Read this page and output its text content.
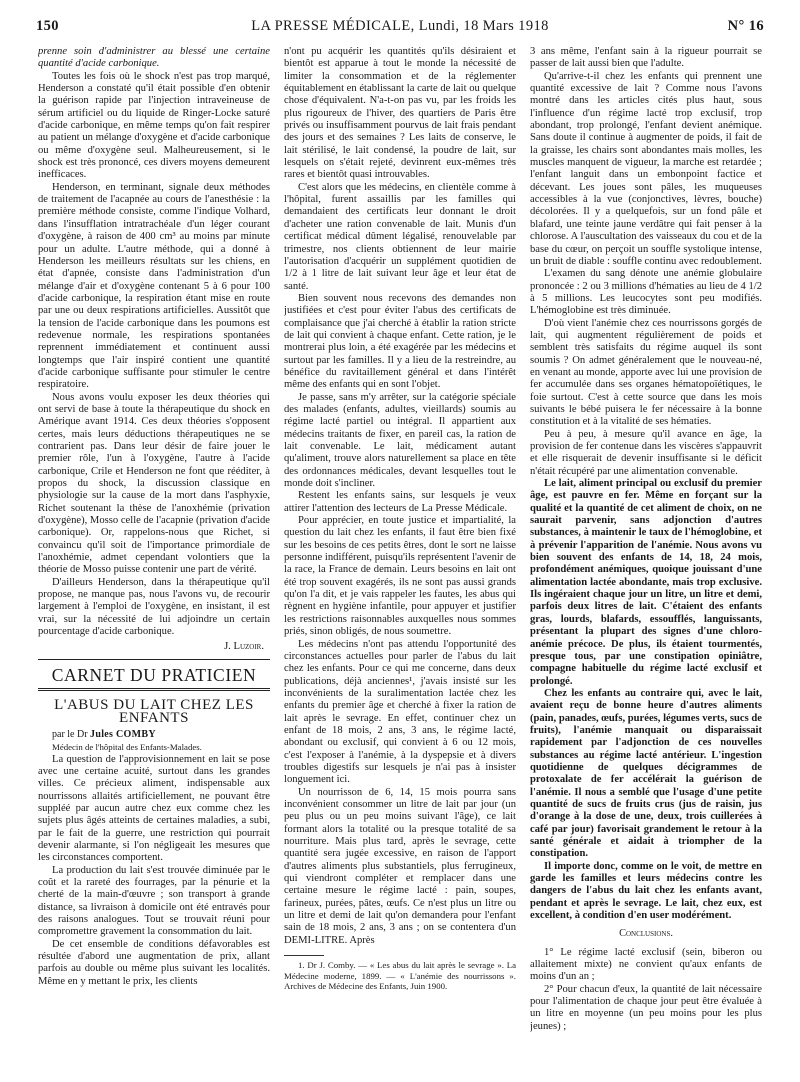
150	LA PRESSE MÉDICALE, Lundi, 18 Mars 1918	N° 16

prenne soin d'administrer au blessé une certaine quantité d'acide carbonique.

Toutes les fois où le shock n'est pas trop marqué, Henderson a constaté qu'il était possible d'en obtenir la guérison rapide par l'injection intraveineuse de sérum artificiel ou du liquide de Ringer-Locke saturé d'acide carbonique, en même temps qu'on fait respirer au patient un mélange d'oxygène et d'acide carbonique ou même d'oxygène seul. Malheureusement, si le shock est très prononcé, ces divers moyens demeurent inefficaces.

Henderson, en terminant, signale deux méthodes de traitement de l'acapnée au cours de l'anesthésie : la première méthode consiste, comme l'indique Volhard, dans l'insufflation intratrachéale d'un léger courant d'oxygène, à raison de 400 cm³ au moins par minute pour un adulte. L'autre méthode, qui a donné à Henderson les meilleurs résultats sur les chiens, en état d'apnée, consiste dans l'administration d'un mélange d'air et d'oxygène contenant 5 à 6 pour 100 d'acide carbonique, la respiration étant mise en route par une ou deux respirations artificielles. Aussitôt que la tension de l'acide carbonique dans les poumons est redevenue normale, les respirations spontanées reprennent immédiatement et continuent aussi longtemps que l'air inspiré contient une quantité d'acide carbonique suffisante pour stimuler le centre respiratoire.

Nous avons voulu exposer les deux théories qui ont servi de base à toute la thérapeutique du shock en Amérique avant 1914. Ces deux théories s'opposent certes, mais leurs déductions thérapeutiques ne se contrarient pas. Dans leur désir de faire jouer le premier rôle, l'un à l'oxygène, l'autre à l'acide carbonique, Crile et Henderson ne font que rééditer, à propos du shock, la discussion classique en physiologie sur la cause de la mort dans l'asphyxie, Richet soutenant la thèse de l'anoxhémie (privation d'oxygène), Mosso celle de l'acapnie (privation d'acide carbonique). Or, rappelons-nous que Richet, si convaincu qu'il soit de l'importance primordiale de l'anoxhémie, admet cependant volontiers que la théorie de Mosso puisse contenir une part de vérité.

D'ailleurs Henderson, dans la thérapeutique qu'il propose, ne manque pas, nous l'avons vu, de recourir largement à l'emploi de l'oxygène, en insistant, il est vrai, sur la nécessité de lui adjoindre un certain pourcentage d'acide carbonique.

J. Luzoir.
CARNET DU PRATICIEN
L'ABUS DU LAIT CHEZ LES ENFANTS

par le Dr Jules COMBY

Médecin de l'hôpital des Enfants-Malades.

La question de l'approvisionnement en lait se pose avec une certaine acuité, surtout dans les grandes villes. Ce précieux aliment, indispensable aux nourrissons allaités artificiellement, ne pouvant être suppléé par aucun autre chez eux comme chez les sujets plus âgés atteints de certaines maladies, a subi, par le fait de la guerre, une restriction qui pourrait devenir alarmante, si l'on négligeait les mesures que les circonstances comportent.

La production du lait s'est trouvée diminuée par le coût et la rareté des fourrages, par la pénurie et la cherté de la main-d'œuvre ; son transport à grande distance, sa livraison à domicile ont été entravés pour des raisons analogues. Tout se trouvait réuni pour compromettre gravement la consommation du lait.

De cet ensemble de conditions défavorables est résultée d'abord une augmentation de prix, allant parfois au double ou même plus suivant les localités. Même en y mettant le prix, les clients

n'ont pu acquérir les quantités qu'ils désiraient et bientôt est apparue à tout le monde la nécessité de limiter la consommation et de la réglementer équitablement en établissant la carte de lait ou quelque chose d'équivalent. N'a-t-on pas vu, par les froids les plus rigoureux de l'hiver, des quartiers de Paris être privés ou insuffisamment pourvus de lait frais pendant des jours et des semaines ? Les laits de conserve, le lait stérilisé, le lait condensé, la poudre de lait, sur lesquels on s'était rejeté, devinrent eux-mêmes très rares et bientôt quasi introuvables.

C'est alors que les médecins, en clientèle comme à l'hôpital, furent assaillis par les familles qui demandaient des certificats leur donnant le droit d'acheter une ration convenable de lait. Munis d'un certificat médical dûment légalisé, renouvelable par trimestre, nos clients obtiennent de leur mairie l'autorisation d'acquérir un supplément quotidien de 1/2 à 1 litre de lait suivant leur âge et leur état de santé.

Bien souvent nous recevons des demandes non justifiées et c'est pour éviter l'abus des certificats de complaisance que j'ai cherché à établir la ration stricte de lait qui convient à chaque enfant. Cette ration, je le montrerai plus loin, a été exagérée par les médecins et surtout par les familles. Il y a lieu de la restreindre, au bénéfice du ravitaillement général et dans l'intérêt même des enfants qui en sont l'objet.

Je passe, sans m'y arrêter, sur la catégorie spéciale des malades (enfants, adultes, vieillards) soumis au régime lacté partiel ou intégral. Il appartient aux médecins traitants de fixer, en pareil cas, la ration de lait convenable. Le lait, médicament autant qu'aliment, trouve alors naturellement sa place en tête des ordonnances médicales, devant lesquelles tout le monde doit s'incliner.

Restent les enfants sains, sur lesquels je veux attirer l'attention des lecteurs de La Presse Médicale.

Pour apprécier, en toute justice et impartialité, la question du lait chez les enfants, il faut être bien fixé sur les besoins de ces petits êtres, dont le sort ne laisse personne indifférent, puisqu'ils représentent l'avenir de la race, la France de demain. Leurs besoins en lait ont été trop souvent exagérés, ils ne sont pas aussi grands qu'on l'a dit, et je vais rappeler les fautes, les abus qui règnent en hygiène infantile, pour appuyer et justifier les restrictions raisonnables auxquelles nous sommes priés, sinon obligés, de nous soumettre.

Les médecins n'ont pas attendu l'opportunité des circonstances actuelles pour parler de l'abus du lait chez les enfants. Pour ce qui me concerne, dans deux publications, déjà anciennes¹, j'avais insisté sur les inconvénients de la suralimentation lactée chez les enfants du premier âge et cherché à fixer la ration de lait après le sevrage. En effet, continuer chez un enfant de 18 mois, 2 ans, 3 ans, le régime lacté, abondant ou exclusif, qui convient à 6 ou 12 mois, c'est l'exposer à l'anémie, à la dyspepsie et à divers troubles digestifs sur lesquels je n'ai pas à insister longuement ici.

Un nourrisson de 6, 14, 15 mois pourra sans inconvénient consommer un litre de lait par jour (un peu plus ou un peu moins suivant l'âge), ce lait formant alors la totalité ou la presque totalité de sa nourriture. Mais plus tard, après le sevrage, cette quantité sera jugée excessive, en raison de l'apport d'autres aliments plus substantiels, plus ferrugineux, qui viendront compléter et remplacer dans une certaine mesure le régime lacté : pain, soupes, farineux, purées, pâtes, œufs. Ce n'est plus un litre ou un litre et demi de lait qu'on demandera pour l'enfant sain de 18 mois, 2 ans, 3 ans ; on se contentera d'un DEMI-LITRE. Après

1. Dr J. Comby. — « Les abus du lait après le sevrage ». La Médecine moderne, 1899. — « L'anémie des nourrissons ». Archives de Médecine des Enfants, Juin 1900.

3 ans même, l'enfant sain à la rigueur pourrait se passer de lait aussi bien que l'adulte.

Qu'arrive-t-il chez les enfants qui prennent une quantité excessive de lait ? Comme nous l'avons montré dans les articles cités plus haut, sous l'influence d'un régime lacté trop exclusif, trop abondant, trop prolongé, l'enfant devient anémique. Sans doute il continue à augmenter de poids, il fait de la graisse, les chairs sont abondantes mais molles, les muscles manquent de vigueur, la marche est retardée ; l'enfant languit dans un embonpoint factice et décevant. Les joues sont pâles, les muqueuses accessibles à la vue (conjonctives, lèvres, bouche) décolorées. Il y a quelquefois, sur un fond pâle et blafard, une teinte jaune verdâtre qui fait penser à la chlorose. A l'auscultation des vaisseaux du cou et de la base du cœur, on perçoit un souffle systolique intense, un bruit de diable : souffle continu avec redoublement.

L'examen du sang dénote une anémie globulaire prononcée : 2 ou 3 millions d'hématies au lieu de 4 1/2 à 5 millions. Les leucocytes sont peu modifiés. L'hémoglobine est très diminuée.

D'où vient l'anémie chez ces nourrissons gorgés de lait, qui augmentent régulièrement de poids et semblent très satisfaits du régime auquel ils sont soumis ? On admet généralement que le nouveau-né, en venant au monde, apporte avec lui une provision de fer accumulée dans ses organes hématopoïétiques, le foie surtout. C'est à cette source que dans les mois suivants le bébé puisera le fer nécessaire à la bonne constitution et à la vitalité de ses hématies.

Peu à peu, à mesure qu'il avance en âge, la provision de fer contenue dans les viscères s'appauvrit et elle risquerait de devenir insuffisante si le déficit n'était récupéré par une alimentation convenable.

Le lait, aliment principal ou exclusif du premier âge, est pauvre en fer. Même en forçant sur la qualité et la quantité de cet aliment de choix, on ne saurait parvenir, sans adjonction d'autres substances, à maintenir le taux de l'hémoglobine, et à prévenir l'apparition de l'anémie. Nous avons vu bien souvent des enfants de 14, 18, 24 mois, profondément anémiques, quoique jouissant d'une alimentation lactée abondante, mais trop exclusive. Ils ingéraient chaque jour un litre, un litre et demi, parfois deux litres de lait. C'étaient des enfants gras, lourds, blafards, essoufflés, languissants, présentant la plupart des signes d'une chloro-anémie précoce. De plus, ils étaient tourmentés, presque tous, par une constipation opiniâtre, compagne habituelle du régime lacté exclusif et prolongé.

Chez les enfants au contraire qui, avec le lait, avaient reçu de bonne heure d'autres aliments (pain, panades, œufs, purées, légumes verts, sucs de fruits), l'anémie manquait ou disparaissait rapidement par l'adjonction de ces nouvelles substances au régime lacté antérieur. L'ingestion quotidienne de quelques décigrammes de protoxalate de fer accélérait la guérison de l'anémie. Il nous a semblé que l'usage d'une petite quantité de sucs de fruits crus (jus de raisin, jus d'orange à la dose de une, deux, trois cuillerées à café par jour) favorisait grandement le retour à la santé générale et aidait à triompher de la constipation.

Il importe donc, comme on le voit, de mettre en garde les familles et leurs médecins contre les dangers de l'abus du lait chez les enfants avant, pendant et après le sevrage. Le lait, chez eux, est excellent, à condition d'en user modérément.

Conclusions.

1° Le régime lacté exclusif (sein, biberon ou allaitement mixte) ne convient qu'aux enfants de moins d'un an ;

2° Pour chacun d'eux, la quantité de lait nécessaire pour l'alimentation de chaque jour peut être évaluée à un litre en moyenne (un peu moins pour les plus jeunes) ;
